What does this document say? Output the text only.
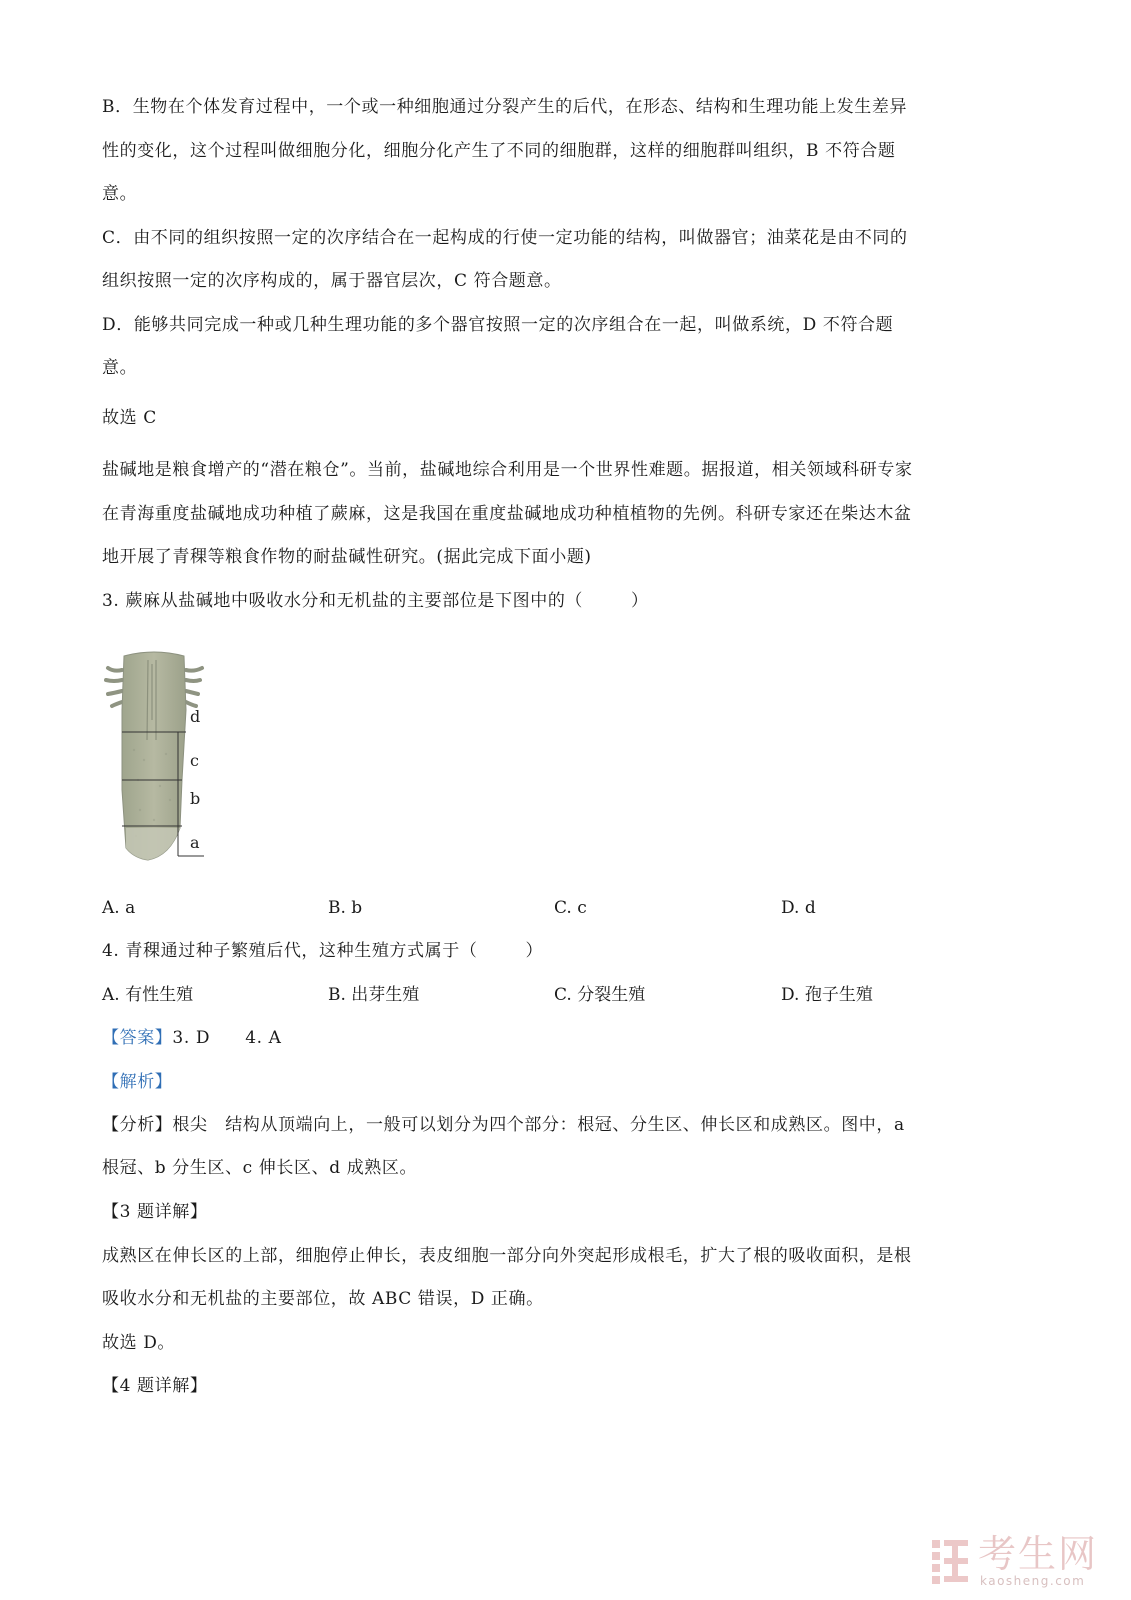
B．生物在个体发育过程中，一个或一种细胞通过分裂产生的后代，在形态、结构和生理功能上发生差异
性的变化，这个过程叫做细胞分化，细胞分化产生了不同的细胞群，这样的细胞群叫组织，B 不符合题
意。
C．由不同的组织按照一定的次序结合在一起构成的行使一定功能的结构，叫做器官；油菜花是由不同的
组织按照一定的次序构成的，属于器官层次，C 符合题意。
D．能够共同完成一种或几种生理功能的多个器官按照一定的次序组合在一起，叫做系统，D 不符合题
意。
故选 C
盐碱地是粮食增产的“潜在粮仓”。当前，盐碱地综合利用是一个世界性难题。据报道，相关领域科研专家
在青海重度盐碱地成功种植了蕨麻，这是我国在重度盐碱地成功种植植物的先例。科研专家还在柴达木盆
地开展了青稞等粮食作物的耐盐碱性研究。(据此完成下面小题)
3. 蕨麻从盐碱地中吸收水分和无机盐的主要部位是下图中的（	）
d
c
b
a
A. a	B. b	C. c	D. d
4. 青稞通过种子繁殖后代，这种生殖方式属于（	）
A. 有性生殖	B. 出芽生殖	C. 分裂生殖	D. 孢子生殖
【答案】3. D　　4. A
【解析】
【分析】根尖　结构从顶端向上，一般可以划分为四个部分：根冠、分生区、伸长区和成熟区。图中，a
根冠、b 分生区、c 伸长区、d 成熟区。
【3 题详解】
成熟区在伸长区的上部，细胞停止伸长，表皮细胞一部分向外突起形成根毛，扩大了根的吸收面积，是根
吸收水分和无机盐的主要部位，故 ABC 错误，D 正确。
故选 D。
【4 题详解】
考生网
kaosheng.com
